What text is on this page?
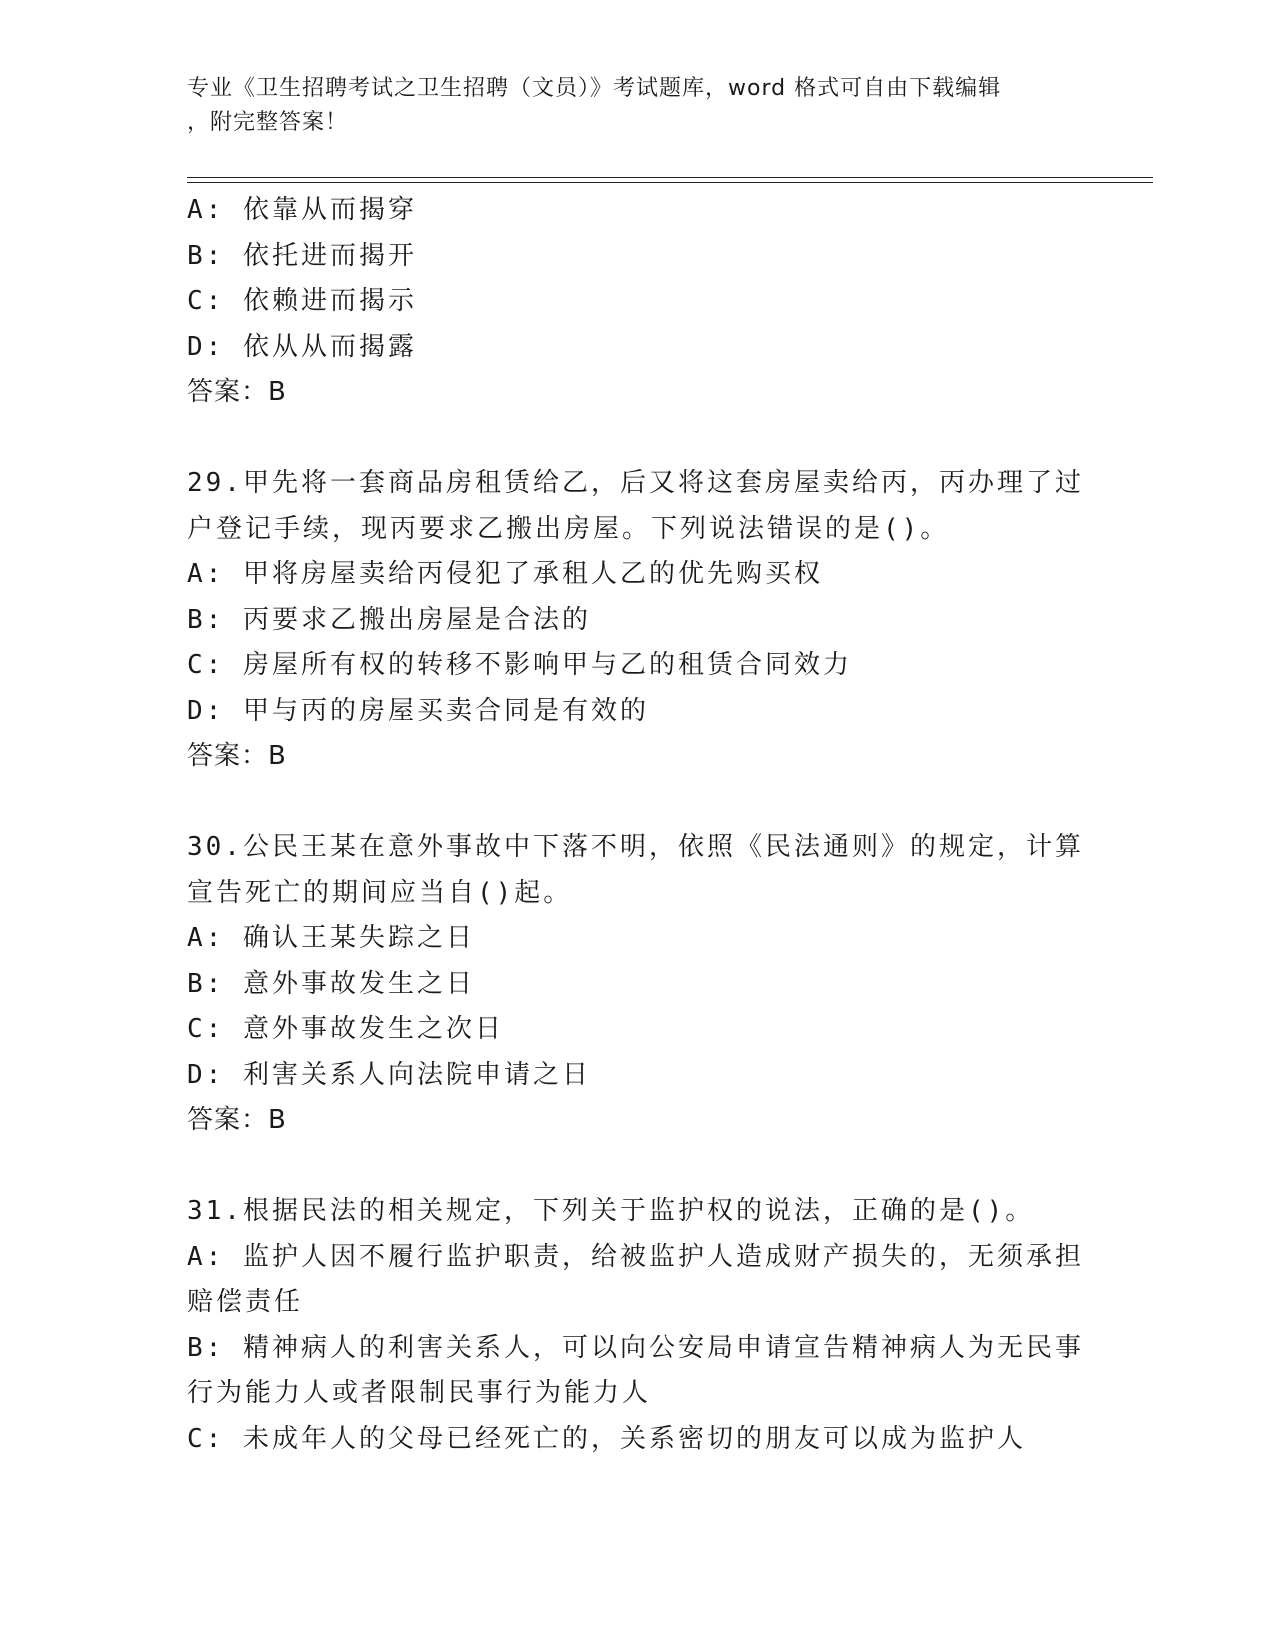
专业《卫生招聘考试之卫生招聘（文员）》考试题库，word 格式可自由下载编辑
，附完整答案！
A: 依靠从而揭穿
B: 依托进而揭开
C: 依赖进而揭示
D: 依从从而揭露
答案：B
29.甲先将一套商品房租赁给乙，后又将这套房屋卖给丙，丙办理了过
户登记手续，现丙要求乙搬出房屋。下列说法错误的是()。
A: 甲将房屋卖给丙侵犯了承租人乙的优先购买权
B: 丙要求乙搬出房屋是合法的
C: 房屋所有权的转移不影响甲与乙的租赁合同效力
D: 甲与丙的房屋买卖合同是有效的
答案：B
30.公民王某在意外事故中下落不明，依照《民法通则》的规定，计算
宣告死亡的期间应当自()起。
A: 确认王某失踪之日
B: 意外事故发生之日
C: 意外事故发生之次日
D: 利害关系人向法院申请之日
答案：B
31.根据民法的相关规定，下列关于监护权的说法，正确的是()。
A: 监护人因不履行监护职责，给被监护人造成财产损失的，无须承担
赔偿责任
B: 精神病人的利害关系人，可以向公安局申请宣告精神病人为无民事
行为能力人或者限制民事行为能力人
C: 未成年人的父母已经死亡的，关系密切的朋友可以成为监护人
